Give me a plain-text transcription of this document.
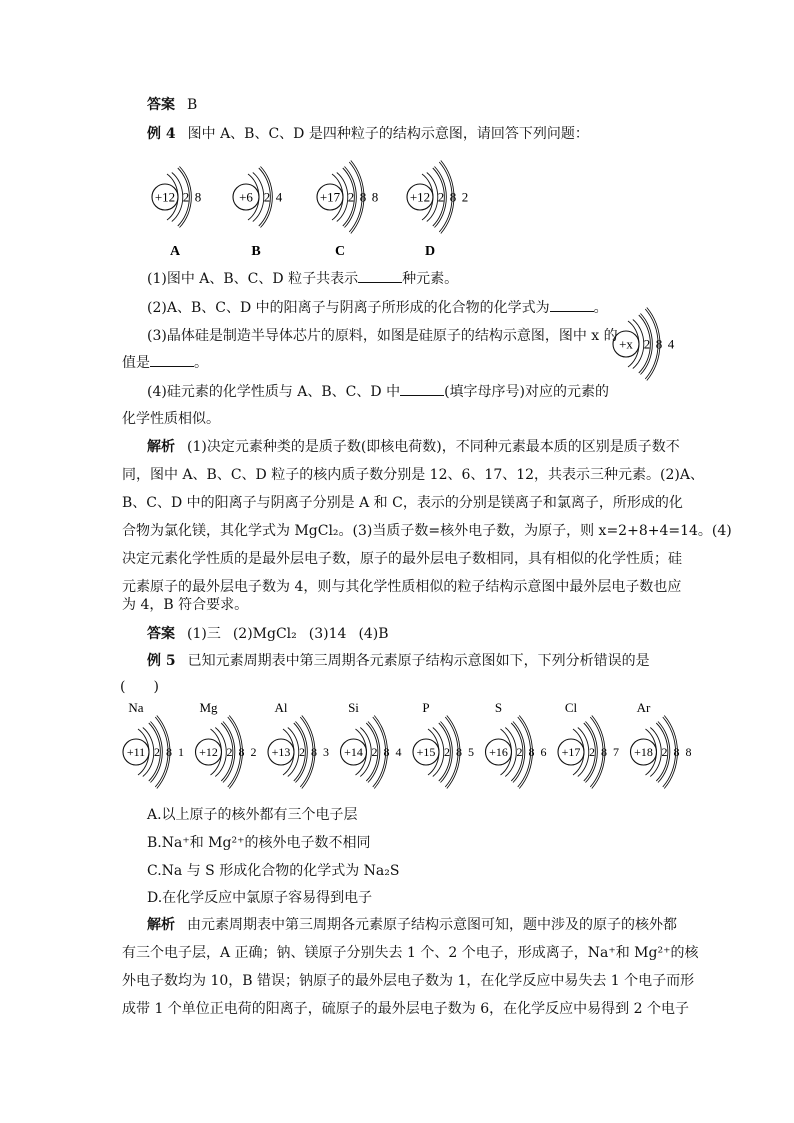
答案 B
例 4 图中 A、B、C、D 是四种粒子的结构示意图，请回答下列问题：
+12 2 8
A
+6 2 4
B
+17 2 8 8
C
+12 2 8 2
D
(1)图中 A、B、C、D 粒子共表示	种元素。
(2)A、B、C、D 中的阳离子与阴离子所形成的化合物的化学式为	。
(3)晶体硅是制造半导体芯片的原料，如图是硅原子的结构示意图，图中 x 的
值是	。
+x 2 8 4
(4)硅元素的化学性质与 A、B、C、D 中	(填字母序号)对应的元素的
化学性质相似。
解析 (1)决定元素种类的是质子数(即核电荷数)，不同种元素最本质的区别是质子数不
同，图中 A、B、C、D 粒子的核内质子数分别是 12、6、17、12，共表示三种元素。(2)A、
B、C、D 中的阳离子与阴离子分别是 A 和 C，表示的分别是镁离子和氯离子，所形成的化
合物为氯化镁，其化学式为 MgCl₂。(3)当质子数=核外电子数，为原子，则 x=2+8+4=14。(4)
决定元素化学性质的是最外层电子数，原子的最外层电子数相同，具有相似的化学性质；硅
元素原子的最外层电子数为 4，则与其化学性质相似的粒子结构示意图中最外层电子数也应
为 4，B 符合要求。
答案 (1)三 (2)MgCl₂ (3)14 (4)B
例 5 已知元素周期表中第三周期各元素原子结构示意图如下，下列分析错误的是
(　　)
Na
+11 2 8 1
Mg
+12 2 8 2
Al
+13 2 8 3
Si
+14 2 8 4
P
+15 2 8 5
S
+16 2 8 6
Cl
+17 2 8 7
Ar
+18 2 8 8
A.以上原子的核外都有三个电子层
B.Na⁺和 Mg²⁺的核外电子数不相同
C.Na 与 S 形成化合物的化学式为 Na₂S
D.在化学反应中氯原子容易得到电子
解析 由元素周期表中第三周期各元素原子结构示意图可知，题中涉及的原子的核外都
有三个电子层，A 正确；钠、镁原子分别失去 1 个、2 个电子，形成离子，Na⁺和 Mg²⁺的核
外电子数均为 10，B 错误；钠原子的最外层电子数为 1，在化学反应中易失去 1 个电子而形
成带 1 个单位正电荷的阳离子，硫原子的最外层电子数为 6，在化学反应中易得到 2 个电子
